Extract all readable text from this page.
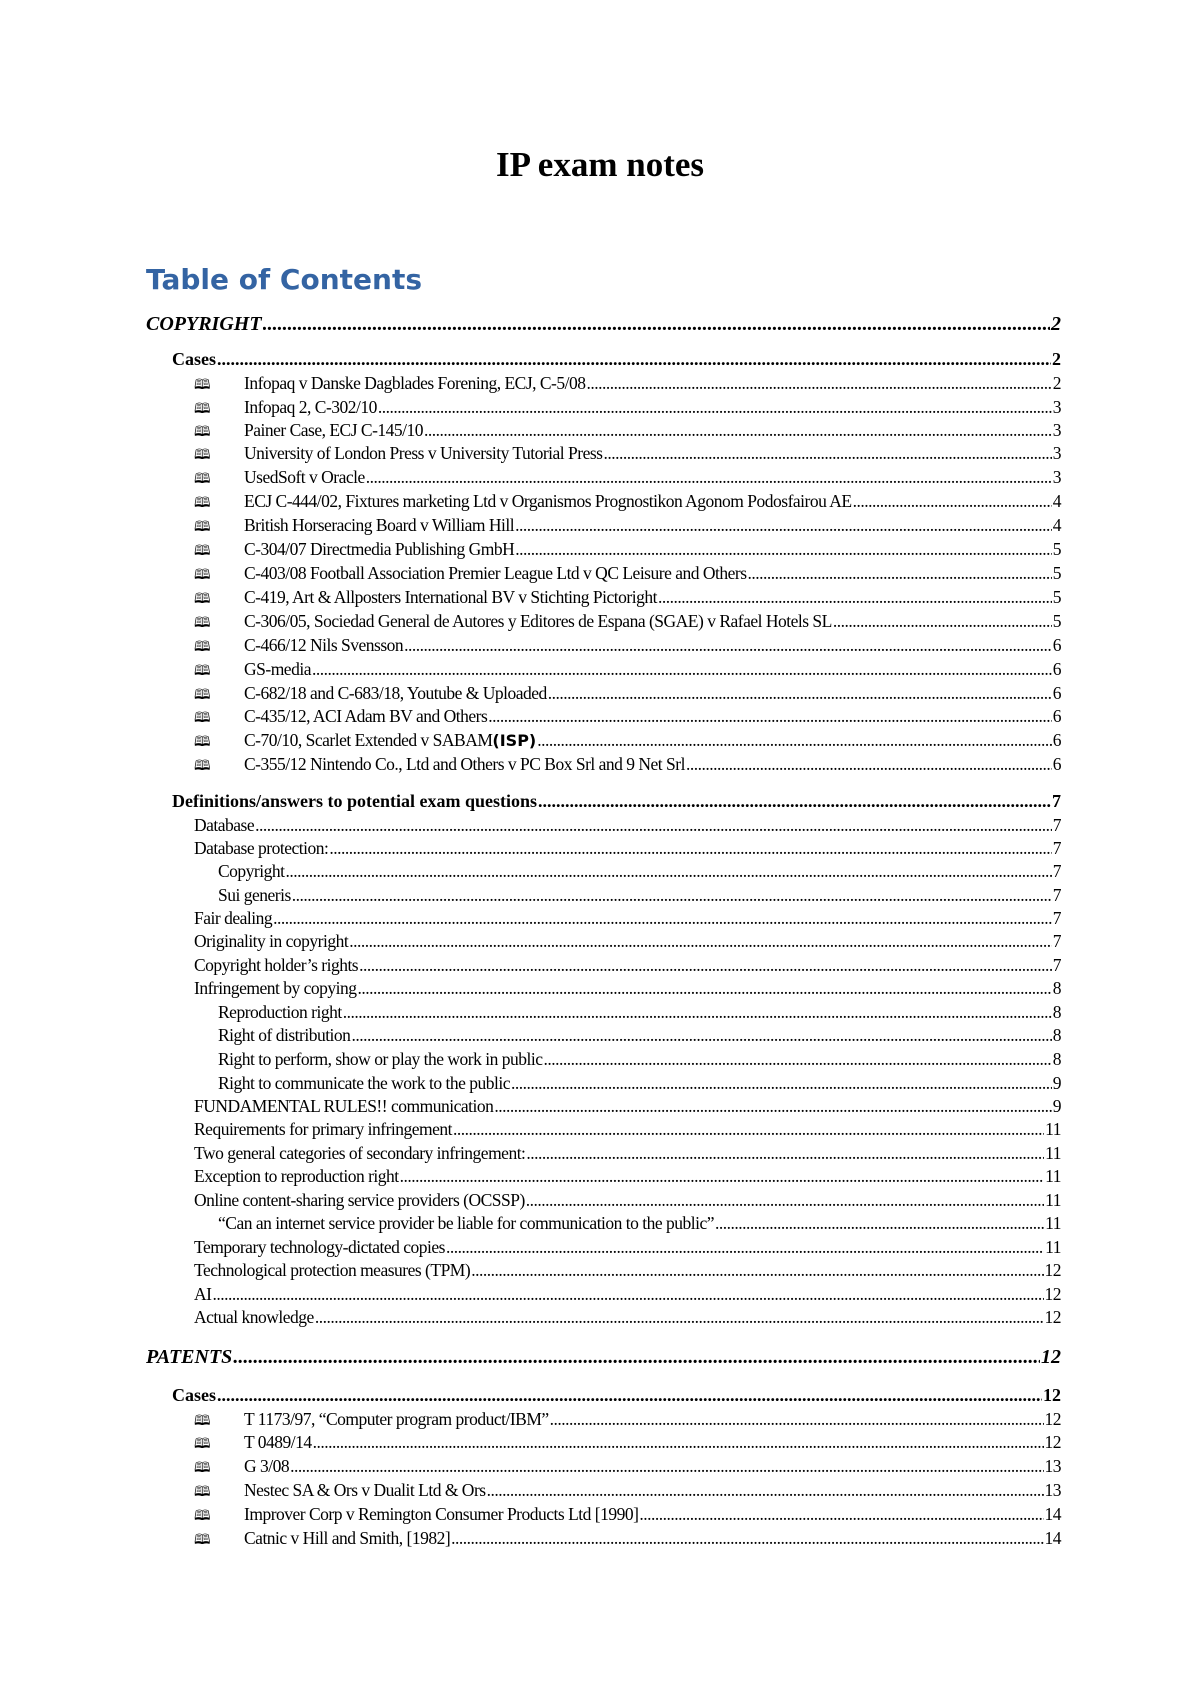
IP exam notes
Table of Contents
COPYRIGHT .....	2
Cases .....	2
🕮	Infopaq v Danske Dagblades Forening, ECJ, C-5/08 .....	2
🕮	Infopaq 2, C-302/10 .....	3
🕮	Painer Case, ECJ C-145/10 .....	3
🕮	University of London Press v University Tutorial Press .....	3
🕮	UsedSoft v Oracle .....	3
🕮	ECJ C-444/02, Fixtures marketing Ltd v Organismos Prognostikon Agonom Podosfairou AE .....	4
🕮	British Horseracing Board v William Hill .....	4
🕮	C-304/07 Directmedia Publishing GmbH .....	5
🕮	C-403/08 Football Association Premier League Ltd v QC Leisure and Others .....	5
🕮	C-419, Art & Allposters International BV v Stichting Pictoright .....	5
🕮	C-306/05, Sociedad General de Autores y Editores de Espana (SGAE) v Rafael Hotels SL .....	5
🕮	C-466/12 Nils Svensson .....	6
🕮	GS-media .....	6
🕮	C-682/18 and C-683/18, Youtube & Uploaded .....	6
🕮	C-435/12, ACI Adam BV and Others .....	6
🕮	C-70/10, Scarlet Extended v SABAM (ISP) .....	6
🕮	C-355/12 Nintendo Co., Ltd and Others v PC Box Srl and 9 Net Srl .....	6
Definitions/answers to potential exam questions .....	7
Database .....	7
Database protection: .....	7
Copyright .....	7
Sui generis .....	7
Fair dealing .....	7
Originality in copyright .....	7
Copyright holder’s rights .....	7
Infringement by copying .....	8
Reproduction right .....	8
Right of distribution .....	8
Right to perform, show or play the work in public .....	8
Right to communicate the work to the public .....	9
FUNDAMENTAL RULES!! communication .....	9
Requirements for primary infringement .....	11
Two general categories of secondary infringement: .....	11
Exception to reproduction right .....	11
Online content-sharing service providers (OCSSP) .....	11
“Can an internet service provider be liable for communication to the public” .....	11
Temporary technology-dictated copies .....	11
Technological protection measures (TPM) .....	12
AI .....	12
Actual knowledge .....	12
PATENTS .....	12
Cases .....	12
🕮	T 1173/97, “Computer program product/IBM” .....	12
🕮	T 0489/14 .....	12
🕮	G 3/08 .....	13
🕮	Nestec SA & Ors v Dualit Ltd & Ors .....	13
🕮	Improver Corp v Remington Consumer Products Ltd [1990] .....	14
🕮	Catnic v Hill and Smith, [1982] .....	14
